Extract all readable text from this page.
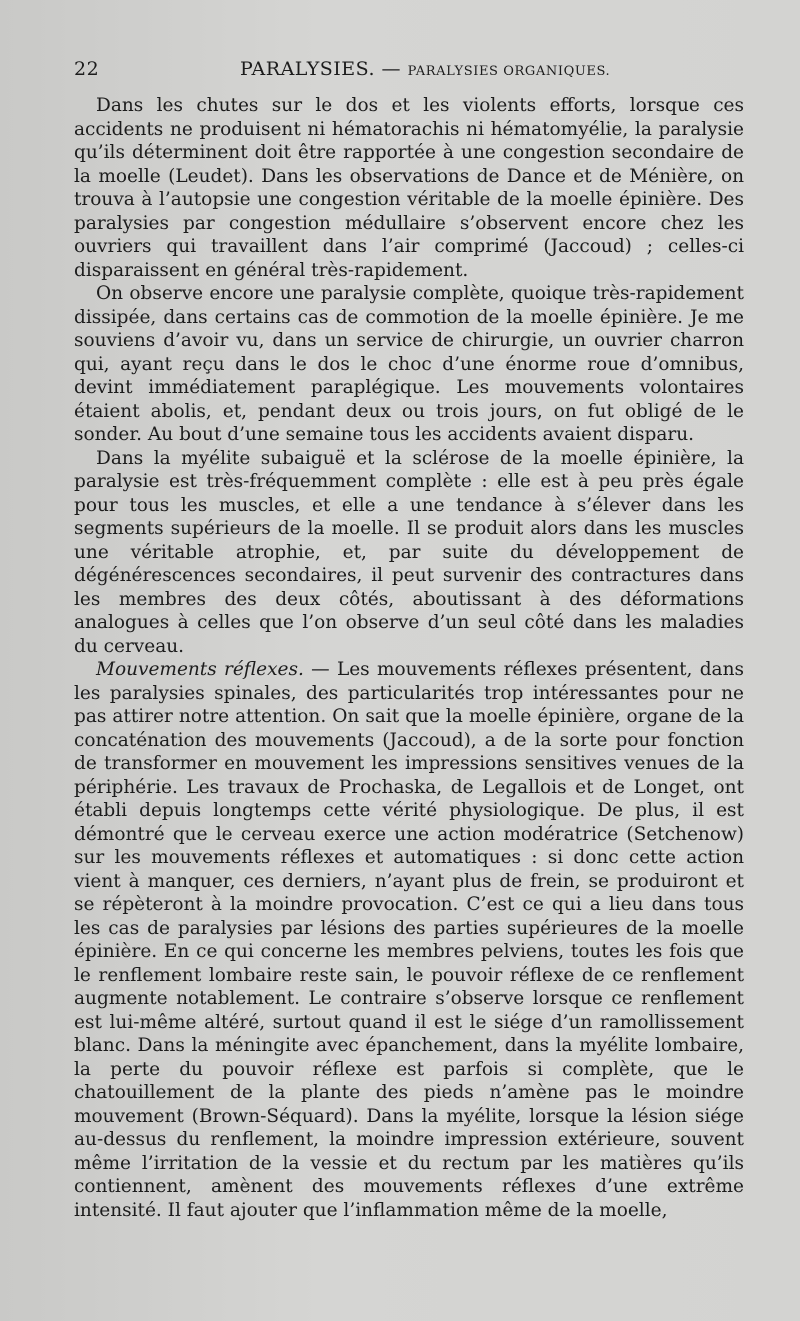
22	PARALYSIES. — PARALYSIES ORGANIQUES.

Dans les chutes sur le dos et les violents efforts, lorsque ces accidents ne produisent ni hématorachis ni hématomyélie, la paralysie qu’ils déterminent doit être rapportée à une congestion secondaire de la moelle (Leudet). Dans les observations de Dance et de Ménière, on trouva à l’autopsie une congestion véritable de la moelle épinière. Des paralysies par congestion médullaire s’observent encore chez les ouvriers qui travaillent dans l’air comprimé (Jaccoud) ; celles-ci disparaissent en général très-rapidement.

On observe encore une paralysie complète, quoique très-rapidement dissipée, dans certains cas de commotion de la moelle épinière. Je me souviens d’avoir vu, dans un service de chirurgie, un ouvrier charron qui, ayant reçu dans le dos le choc d’une énorme roue d’omnibus, devint immédiatement paraplégique. Les mouvements volontaires étaient abolis, et, pendant deux ou trois jours, on fut obligé de le sonder. Au bout d’une semaine tous les accidents avaient disparu.

Dans la myélite subaiguë et la sclérose de la moelle épinière, la paralysie est très-fréquemment complète : elle est à peu près égale pour tous les muscles, et elle a une tendance à s’élever dans les segments supérieurs de la moelle. Il se produit alors dans les muscles une véritable atrophie, et, par suite du développement de dégénérescences secondaires, il peut survenir des contractures dans les membres des deux côtés, aboutissant à des déformations analogues à celles que l’on observe d’un seul côté dans les maladies du cerveau.

Mouvements réflexes. — Les mouvements réflexes présentent, dans les paralysies spinales, des particularités trop intéressantes pour ne pas attirer notre attention. On sait que la moelle épinière, organe de la concaténation des mouvements (Jaccoud), a de la sorte pour fonction de transformer en mouvement les impressions sensitives venues de la périphérie. Les travaux de Prochaska, de Legallois et de Longet, ont établi depuis longtemps cette vérité physiologique. De plus, il est démontré que le cerveau exerce une action modératrice (Setchenow) sur les mouvements réflexes et automatiques : si donc cette action vient à manquer, ces derniers, n’ayant plus de frein, se produiront et se répèteront à la moindre provocation. C’est ce qui a lieu dans tous les cas de paralysies par lésions des parties supérieures de la moelle épinière. En ce qui concerne les membres pelviens, toutes les fois que le renflement lombaire reste sain, le pouvoir réflexe de ce renflement augmente notablement. Le contraire s’observe lorsque ce renflement est lui-même altéré, surtout quand il est le siége d’un ramollissement blanc. Dans la méningite avec épanchement, dans la myélite lombaire, la perte du pouvoir réflexe est parfois si complète, que le chatouillement de la plante des pieds n’amène pas le moindre mouvement (Brown-Séquard). Dans la myélite, lorsque la lésion siége au-dessus du renflement, la moindre impression extérieure, souvent même l’irritation de la vessie et du rectum par les matières qu’ils contiennent, amènent des mouvements réflexes d’une extrême intensité. Il faut ajouter que l’inflammation même de la moelle,
